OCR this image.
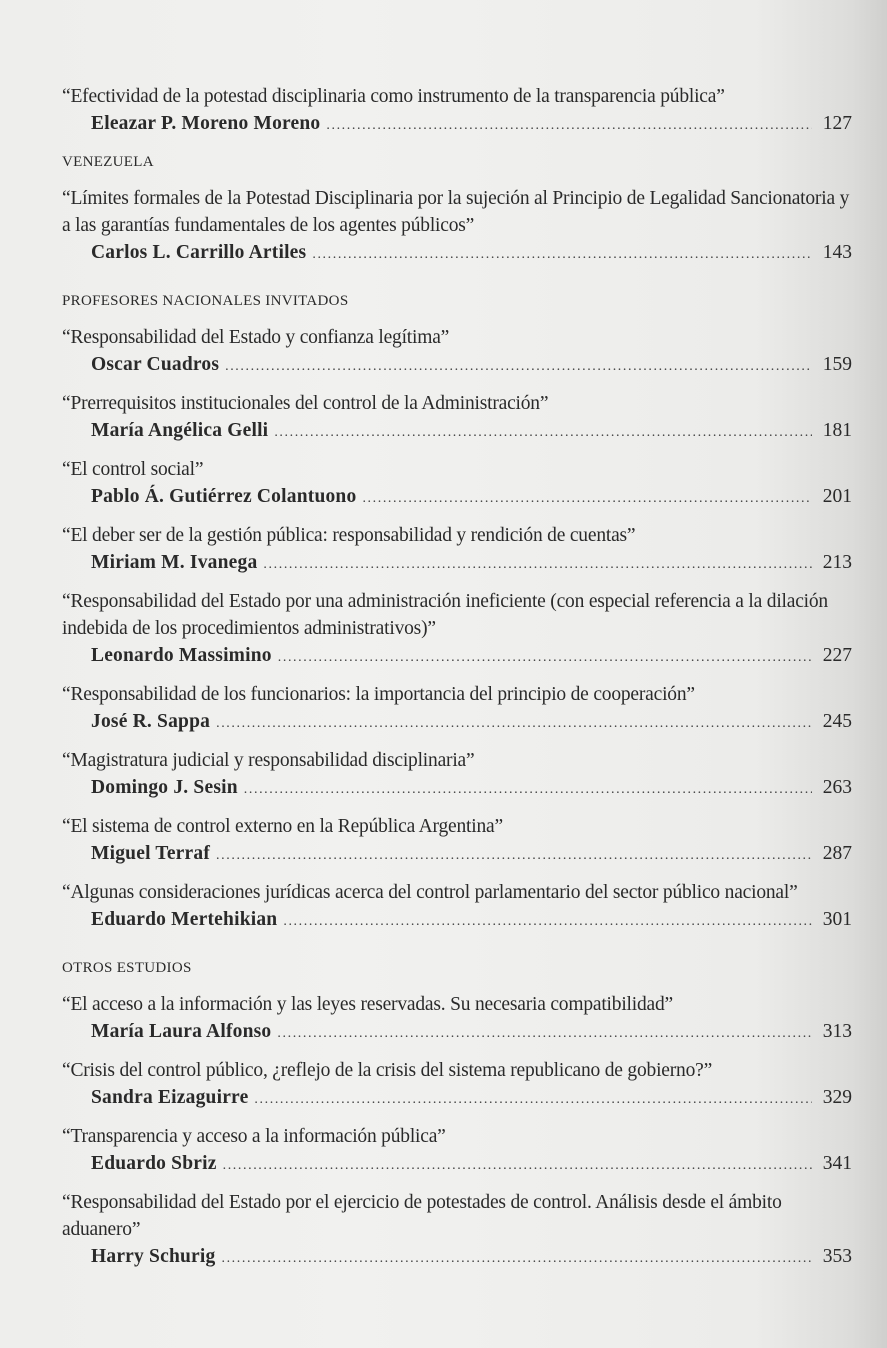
“Efectividad de la potestad disciplinaria como instrumento de la transparencia pública”
Eleazar P. Moreno Moreno .....	127
VENEZUELA
“Límites formales de la Potestad Disciplinaria por la sujeción al Principio de Legalidad Sancionatoria y a las garantías fundamentales de los agentes públicos”
Carlos L. Carrillo Artiles .....	143
PROFESORES NACIONALES INVITADOS
“Responsabilidad del Estado y confianza legítima”
Oscar Cuadros .....	159
“Prerrequisitos institucionales del control de la Administración”
María Angélica Gelli .....	181
“El control social”
Pablo Á. Gutiérrez Colantuono .....	201
“El deber ser de la gestión pública: responsabilidad y rendición de cuentas”
Miriam M. Ivanega .....	213
“Responsabilidad del Estado por una administración ineficiente (con especial referencia a la dilación indebida de los procedimientos administrativos)”
Leonardo Massimino .....	227
“Responsabilidad de los funcionarios: la importancia del principio de cooperación”
José R. Sappa .....	245
“Magistratura judicial y responsabilidad disciplinaria”
Domingo J. Sesin .....	263
“El sistema de control externo en la República Argentina”
Miguel Terraf .....	287
“Algunas consideraciones jurídicas acerca del control parlamentario del sector público nacional”
Eduardo Mertehikian .....	301
OTROS ESTUDIOS
“El acceso a la información y las leyes reservadas. Su necesaria compatibilidad”
María Laura Alfonso .....	313
“Crisis del control público, ¿reflejo de la crisis del sistema republicano de gobierno?”
Sandra Eizaguirre .....	329
“Transparencia y acceso a la información pública”
Eduardo Sbriz .....	341
“Responsabilidad del Estado por el ejercicio de potestades de control. Análisis desde el ámbito aduanero”
Harry Schurig .....	353
